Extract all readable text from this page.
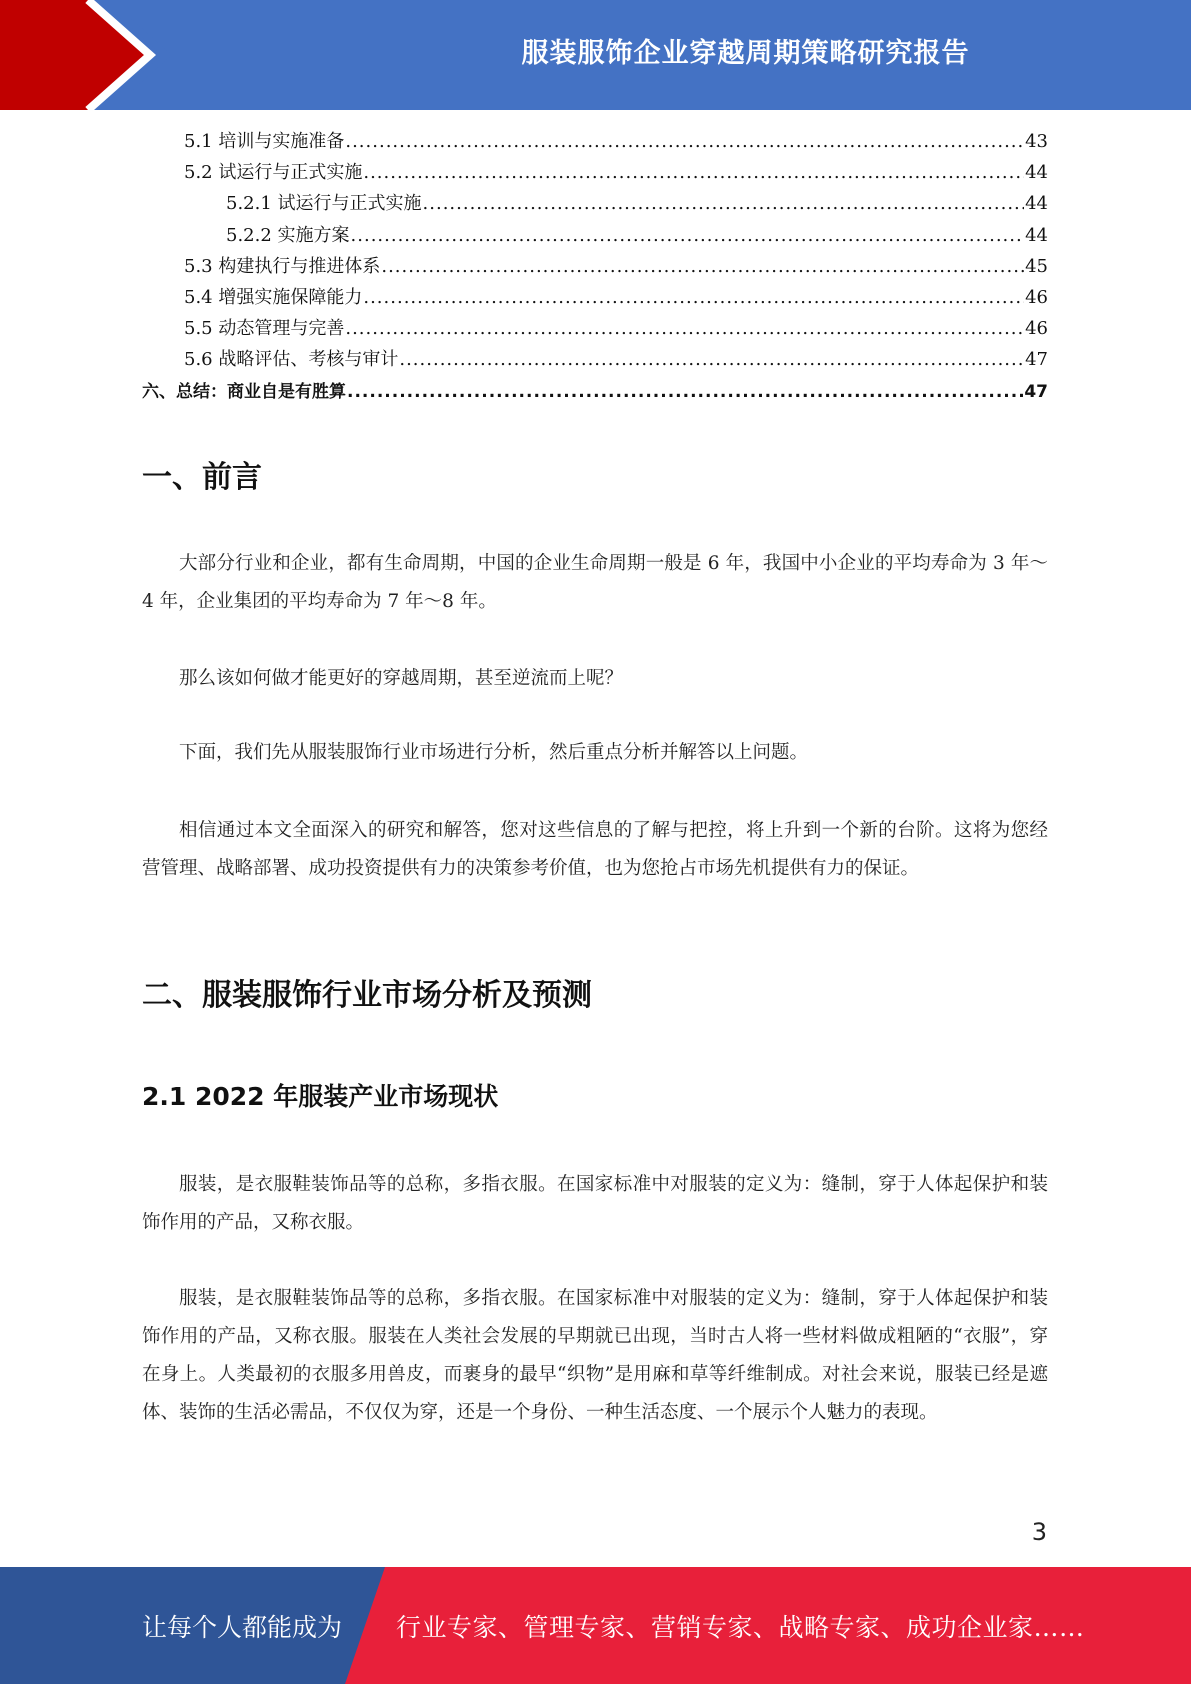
服装服饰企业穿越周期策略研究报告
5.1 培训与实施准备 .....	43
5.2 试运行与正式实施 .....	44
5.2.1 试运行与正式实施 .....	44
5.2.2 实施方案 .....	44
5.3 构建执行与推进体系 .....	45
5.4 增强实施保障能力 .....	46
5.5 动态管理与完善 .....	46
5.6 战略评估、考核与审计 .....	47
六、总结：商业自是有胜算 .....	47
一、前言

大部分行业和企业，都有生命周期，中国的企业生命周期一般是 6 年，我国中小企业的平均寿命为 3 年～4 年，企业集团的平均寿命为 7 年～8 年。

那么该如何做才能更好的穿越周期，甚至逆流而上呢？

下面，我们先从服装服饰行业市场进行分析，然后重点分析并解答以上问题。

相信通过本文全面深入的研究和解答，您对这些信息的了解与把控，将上升到一个新的台阶。这将为您经营管理、战略部署、成功投资提供有力的决策参考价值，也为您抢占市场先机提供有力的保证。

二、服装服饰行业市场分析及预测
2.1 2022 年服装产业市场现状

服装，是衣服鞋装饰品等的总称，多指衣服。在国家标准中对服装的定义为：缝制，穿于人体起保护和装饰作用的产品，又称衣服。

服装，是衣服鞋装饰品等的总称，多指衣服。在国家标准中对服装的定义为：缝制，穿于人体起保护和装饰作用的产品，又称衣服。服装在人类社会发展的早期就已出现，当时古人将一些材料做成粗陋的“衣服”，穿在身上。人类最初的衣服多用兽皮，而裹身的最早“织物”是用麻和草等纤维制成。对社会来说，服装已经是遮体、装饰的生活必需品，不仅仅为穿，还是一个身份、一种生活态度、一个展示个人魅力的表现。

3
让每个人都能成为 行业专家、管理专家、营销专家、战略专家、成功企业家……
